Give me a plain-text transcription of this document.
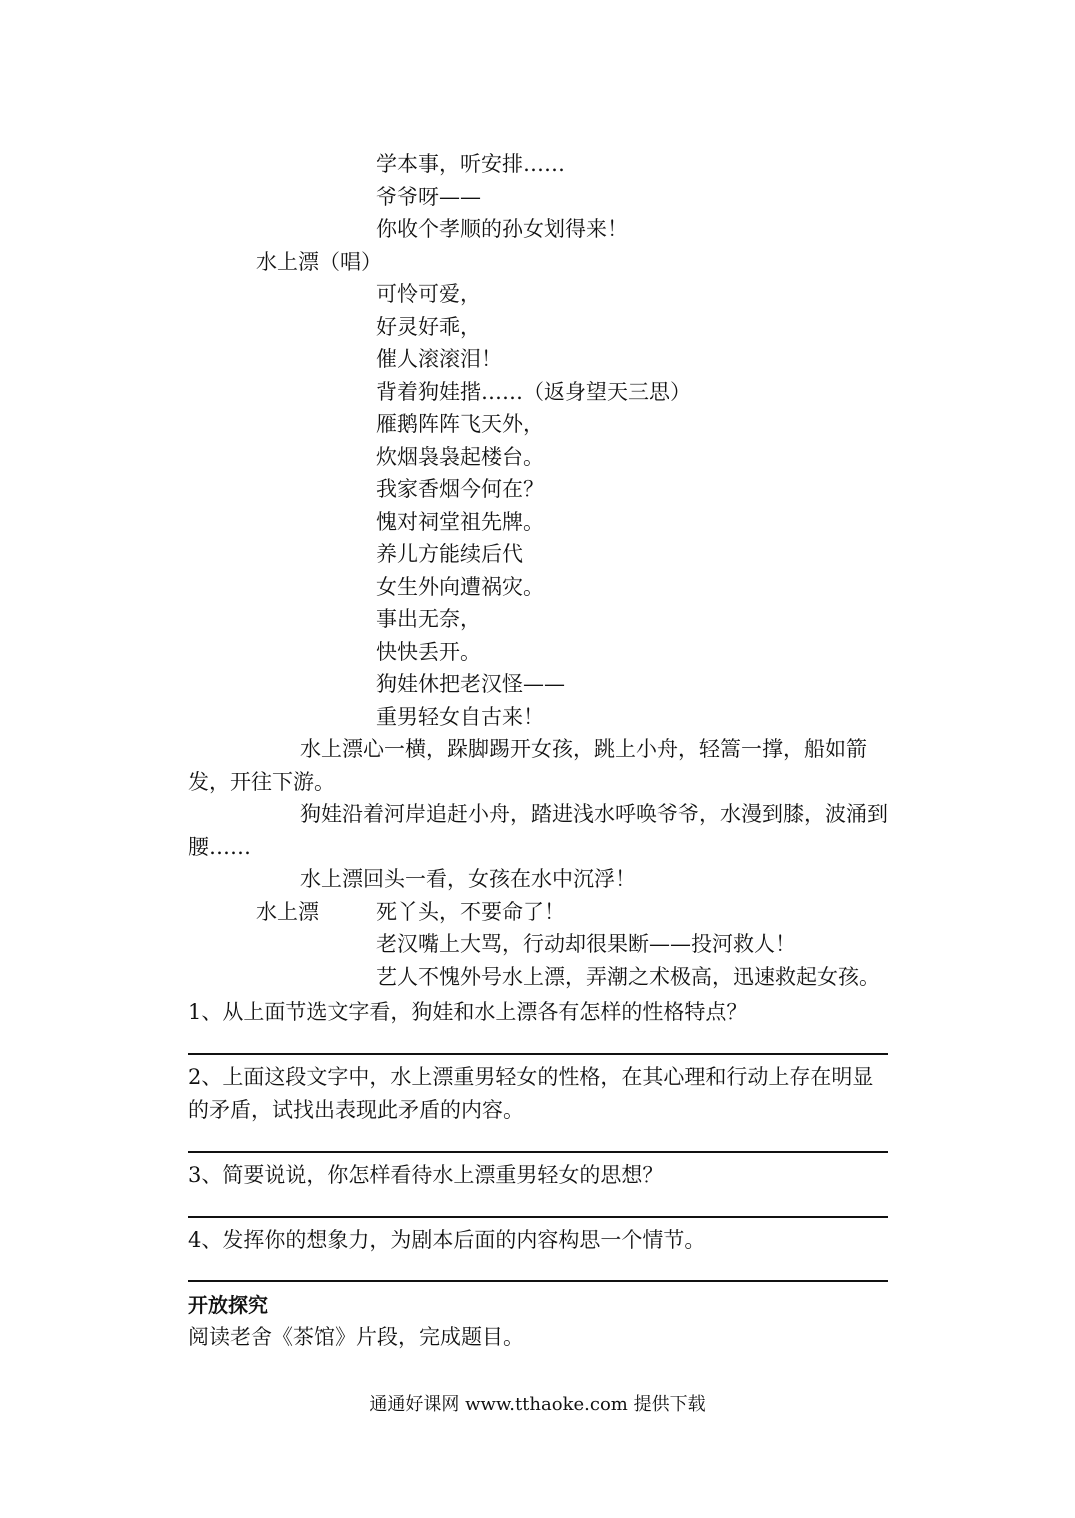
学本事，听安排……
爷爷呀——
你收个孝顺的孙女划得来！
水上漂（唱）
可怜可爱，
好灵好乖，
催人滚滚泪！
背着狗娃揩……（返身望天三思）
雁鹅阵阵飞天外，
炊烟袅袅起楼台。
我家香烟今何在？
愧对祠堂祖先牌。
养儿方能续后代
女生外向遭祸灾。
事出无奈，
快快丢开。
狗娃休把老汉怪——
重男轻女自古来！
水上漂心一横，跺脚踢开女孩，跳上小舟，轻篙一撑，船如箭发，开往下游。
狗娃沿着河岸追赶小舟，踏进浅水呼唤爷爷，水漫到膝，波涌到腰……
水上漂回头一看，女孩在水中沉浮！
水上漂	死丫头，不要命了！
老汉嘴上大骂，行动却很果断——投河救人！
艺人不愧外号水上漂，弄潮之术极高，迅速救起女孩。
1、从上面节选文字看，狗娃和水上漂各有怎样的性格特点？
2、上面这段文字中，水上漂重男轻女的性格，在其心理和行动上存在明显的矛盾，试找出表现此矛盾的内容。
3、简要说说，你怎样看待水上漂重男轻女的思想？
4、发挥你的想象力，为剧本后面的内容构思一个情节。
开放探究
阅读老舍《茶馆》片段，完成题目。
通通好课网 www.tthaoke.com 提供下载
